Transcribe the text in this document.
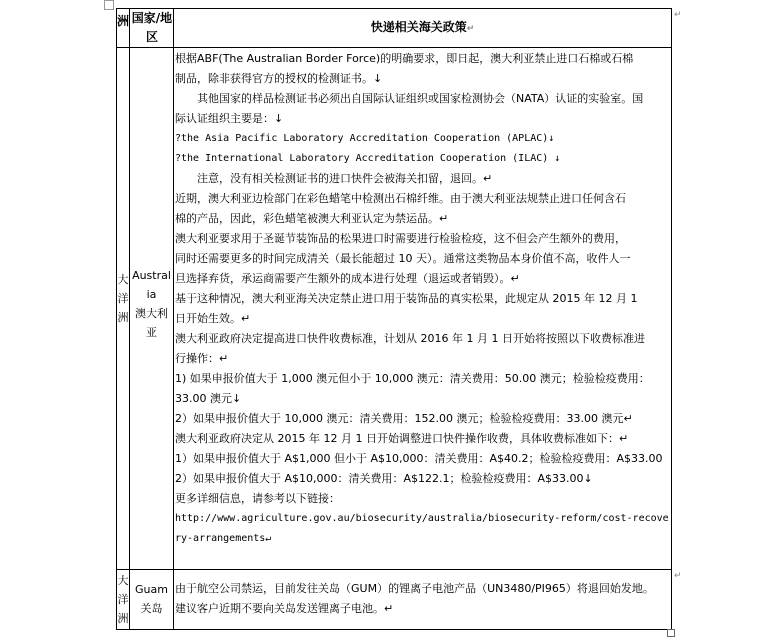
洲 国家/地区
快递相关海关政策↵
↵
大
洋
洲
Austral
ia
澳大利
亚
根据ABF(The Australian Border Force)的明确要求，即日起，澳大利亚禁止进口石棉或石棉
制品，除非获得官方的授权的检测证书。↓
　　其他国家的样品检测证书必须出自国际认证组织或国家检测协会（NATA）认证的实验室。国
际认证组织主要是：↓
?the Asia Pacific Laboratory Accreditation Cooperation (APLAC)↓
?the International Laboratory Accreditation Cooperation (ILAC) ↓
　　注意，没有相关检测证书的进口快件会被海关扣留，退回。↵
近期，澳大利亚边检部门在彩色蜡笔中检测出石棉纤维。由于澳大利亚法规禁止进口任何含石
棉的产品，因此，彩色蜡笔被澳大利亚认定为禁运品。↵
澳大利亚要求用于圣诞节装饰品的松果进口时需要进行检验检疫，这不但会产生额外的费用，
同时还需要更多的时间完成清关（最长能超过 10 天）。通常这类物品本身价值不高，收件人一
旦选择弃货，承运商需要产生额外的成本进行处理（退运或者销毁）。↵
基于这种情况，澳大利亚海关决定禁止进口用于装饰品的真实松果，此规定从 2015 年 12 月 1
日开始生效。↵
澳大利亚政府决定提高进口快件收费标准，计划从 2016 年 1 月 1 日开始将按照以下收费标准进
行操作：↵
1) 如果申报价值大于 1,000 澳元但小于 10,000 澳元：清关费用：50.00 澳元；检验检疫费用：
33.00 澳元↓
2）如果申报价值大于 10,000 澳元：清关费用：152.00 澳元；检验检疫费用：33.00 澳元↵
澳大利亚政府决定从 2015 年 12 月 1 日开始调整进口快件操作收费，具体收费标准如下：↵
1）如果申报价值大于 A$1,000 但小于 A$10,000：清关费用：A$40.2；检验检疫费用：A$33.00
2）如果申报价值大于 A$10,000：清关费用：A$122.1；检验检疫费用：A$33.00↓
更多详细信息，请参考以下链接：
http://www.agriculture.gov.au/biosecurity/australia/biosecurity-reform/cost-recove
ry-arrangements↵
大
洋
洲
Guam
关岛
由于航空公司禁运，目前发往关岛（GUM）的锂离子电池产品（UN3480/PI965）将退回始发地。
建议客户近期不要向关岛发送锂离子电池。↵
↵
